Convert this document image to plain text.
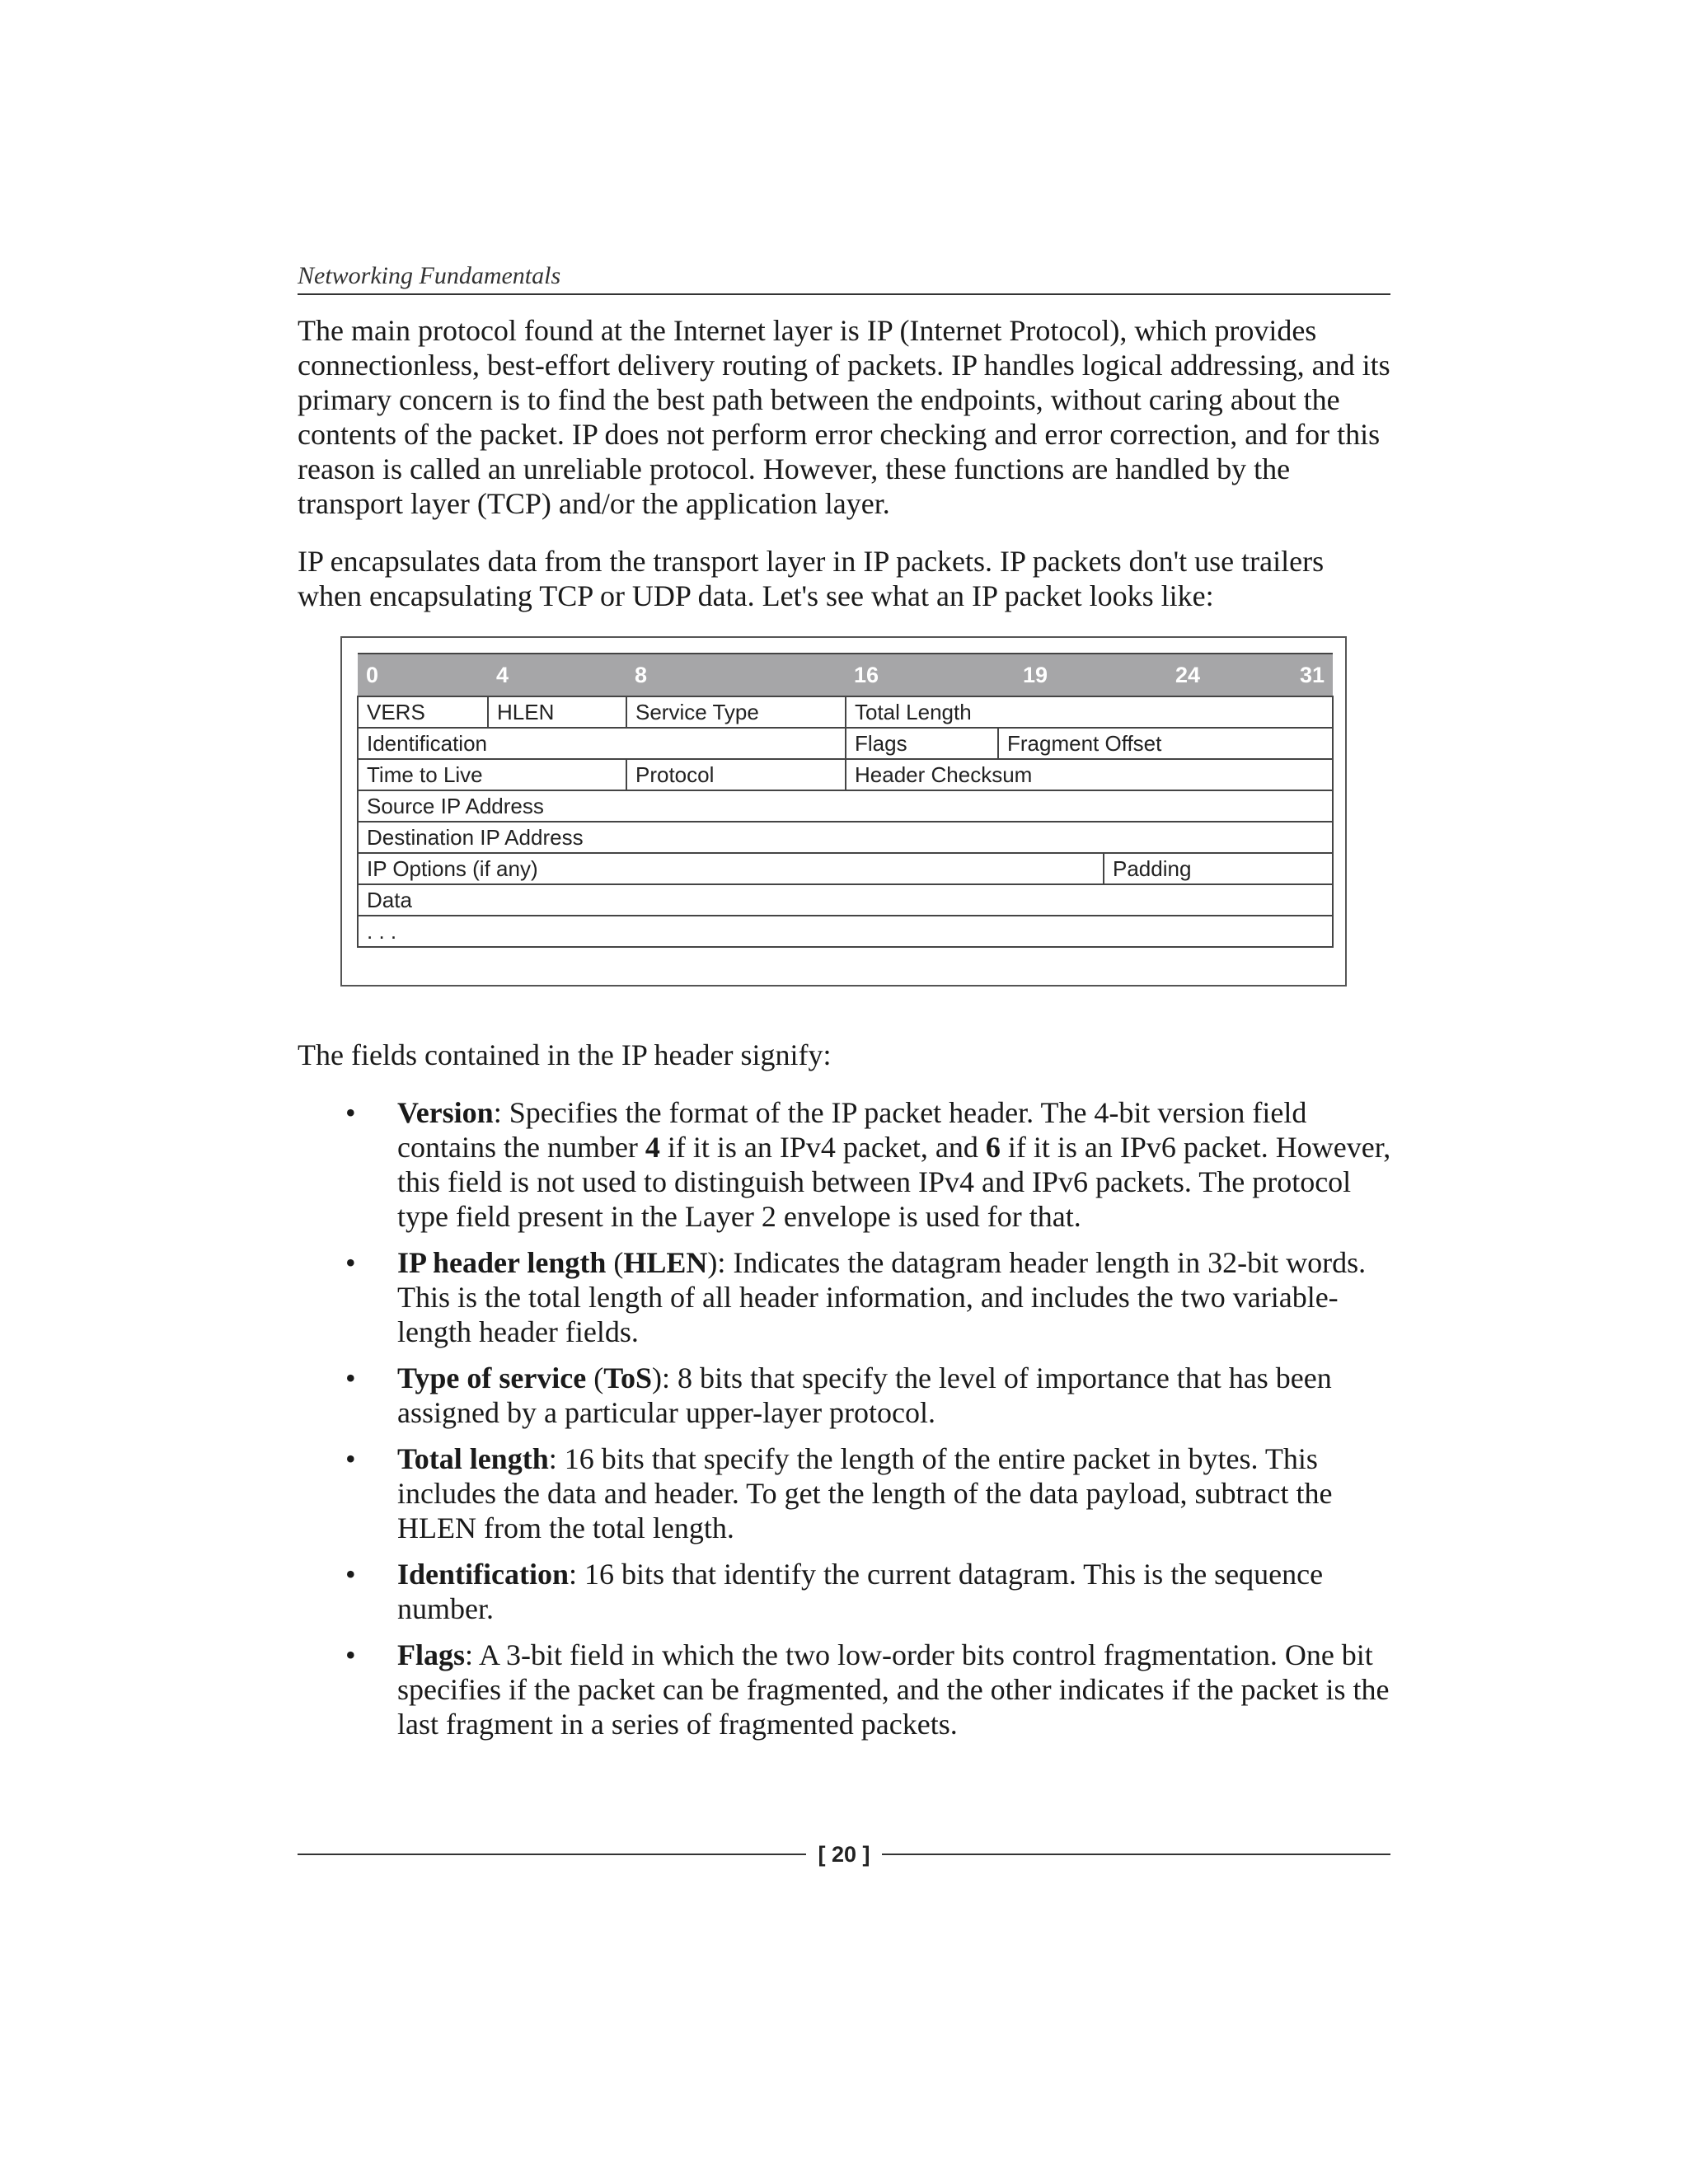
Networking Fundamentals

The main protocol found at the Internet layer is IP (Internet Protocol), which provides connectionless, best-effort delivery routing of packets. IP handles logical addressing, and its primary concern is to find the best path between the endpoints, without caring about the contents of the packet. IP does not perform error checking and error correction, and for this reason is called an unreliable protocol. However, these functions are handled by the transport layer (TCP) and/or the application layer.

IP encapsulates data from the transport layer in IP packets. IP packets don't use trailers when encapsulating TCP or UDP data. Let's see what an IP packet looks like:

0	4	8	16	19 24 31	

VERS	HLEN	Service Type	Total Length		
Identification			Flags	Fragment Offset	
Time to Live		Protocol	Header Checksum		
Source IP Address					
Destination IP Address					
IP Options (if any)					Padding
Data					
. . .					

The fields contained in the IP header signify:

• Version: Specifies the format of the IP packet header. The 4-bit version field contains the number 4 if it is an IPv4 packet, and 6 if it is an IPv6 packet. However, this field is not used to distinguish between IPv4 and IPv6 packets. The protocol type field present in the Layer 2 envelope is used for that.
• IP header length (HLEN): Indicates the datagram header length in 32-bit words. This is the total length of all header information, and includes the two variable-length header fields.
• Type of service (ToS): 8 bits that specify the level of importance that has been assigned by a particular upper-layer protocol.
• Total length: 16 bits that specify the length of the entire packet in bytes. This includes the data and header. To get the length of the data payload, subtract the HLEN from the total length.
• Identification: 16 bits that identify the current datagram. This is the sequence number.
• Flags: A 3-bit field in which the two low-order bits control fragmentation. One bit specifies if the packet can be fragmented, and the other indicates if the packet is the last fragment in a series of fragmented packets.
[ 20 ]
